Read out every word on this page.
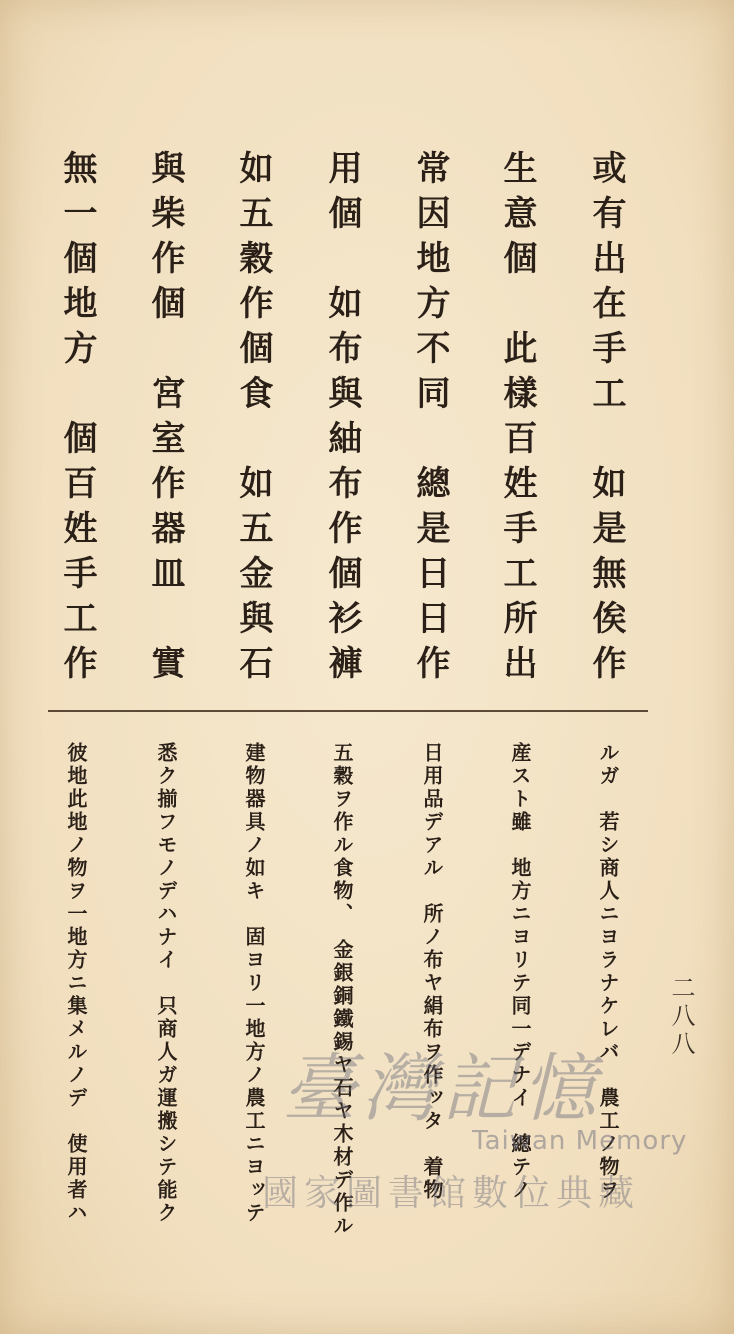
二八八
或有出在手工　如是無俟作
生意個　此樣百姓手工所出
常因地方不同　總是日日作
用個　如布與紬布作個衫褲
如五穀作個食　如五金與石
與柴作個　宮室作器皿　實
無一個地方　個百姓手工作
ルガ　若シ商人ニヨラナケレバ　農工ノ物ヲ
産スト雖　地方ニヨリテ同一デナイ　總テノ
日用品デアル　所ノ布ヤ絹布ヲ作ッタ　着物
五穀ヲ作ル食物、　金銀銅鐵錫ヤ石ヤ木材デ作ル
建物器具ノ如キ　固ヨリ一地方ノ農工ニヨッテ
悉ク揃フモノデハナイ　只商人ガ運搬シテ能ク
彼地此地ノ物ヲ一地方ニ集メルノデ　使用者ハ	臺灣記憶
Taiwan Memory
國家圖書館數位典藏
